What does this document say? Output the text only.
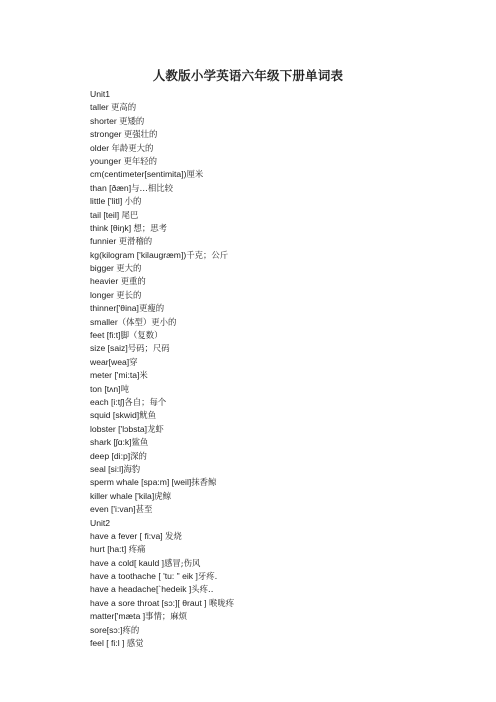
人教版小学英语六年级下册单词表
Unit1
taller 更高的
shorter 更矮的
stronger 更强壮的
older 年龄更大的
younger 更年轻的
cm(centimeter[sentimita])厘米
than [ðæn]与…相比较
little ['litl] 小的
tail [teil] 尾巴
think [θiŋk] 想；思考
funnier 更滑稽的
kg(kilogram ['kilauɡræm])千克；公斤
bigger 更大的
heavier 更重的
longer 更长的
thinner['θina]更瘦的
smaller（体型）更小的
feet [fi:t]脚（复数）
size [saiz]号码；尺码
wear[wea]穿
meter ['mi:ta]米
ton [tʌn]吨
each [i:tʃ]各自；每个
squid [skwid]鱿鱼
lobster ['lɔbsta]龙虾
shark [ʃɑ:k]鲨鱼
deep [di:p]深的
seal [si:l]海豹
sperm whale [spa:m] [weil]抹香鲸
killer whale ['kila]虎鲸
even ['i:van]甚至
Unit2
have a fever [ fi:va] 发烧
hurt [ha:t] 疼痛
have a cold[ kauld ]感冒;伤风
have a toothache [ 'tu: " eik ]牙疼.
have a headache[`hedeik ]头疼..
have a sore throat [sɔ:][ θraut ] 喉咙疼
matter['mæta ]事情；麻烦
sore[sɔ:]疼的
feel [ fi:l ] 感觉
